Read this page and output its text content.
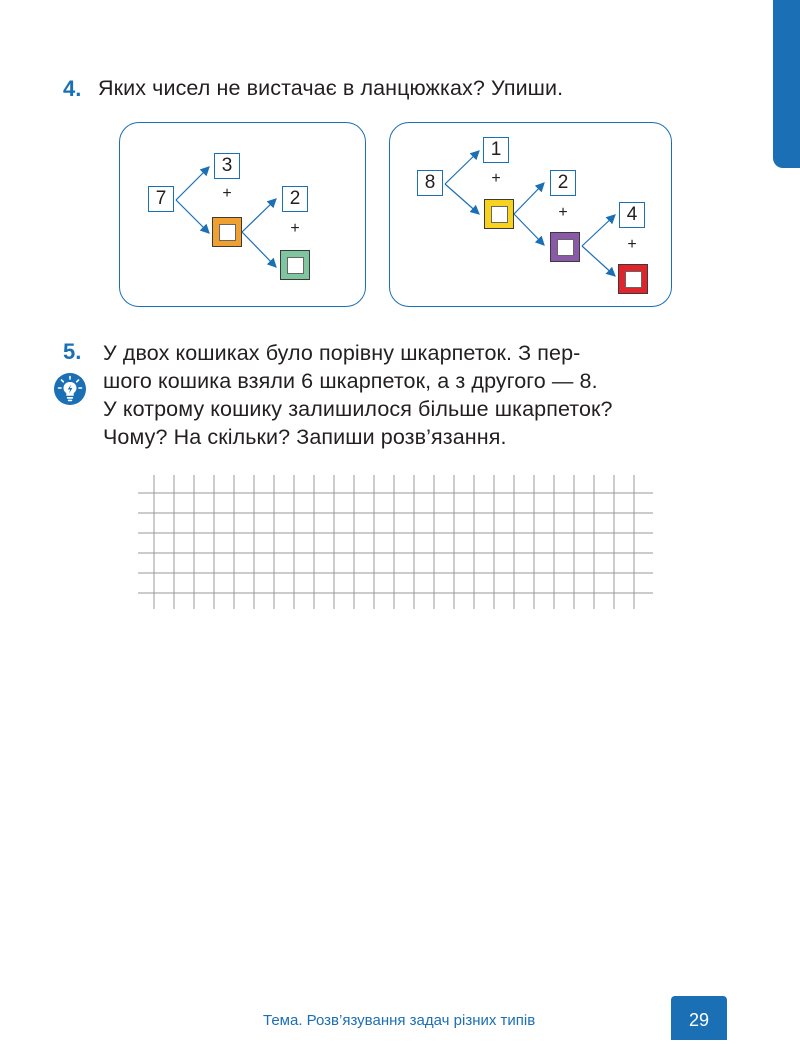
4. Яких чисел не вистачає в ланцюжках? Упиши.
7
3
+	2
+
8
1
+	2
+	4
+
5. У двох кошиках було порівну шкарпеток. З пер-
шого кошика взяли 6 шкарпеток, а з другого — 8.
У котрому кошику залишилося більше шкарпеток?
Чому? На скільки? Запиши розв’язання.
Тема. Розв’язування задач різних типів	29
